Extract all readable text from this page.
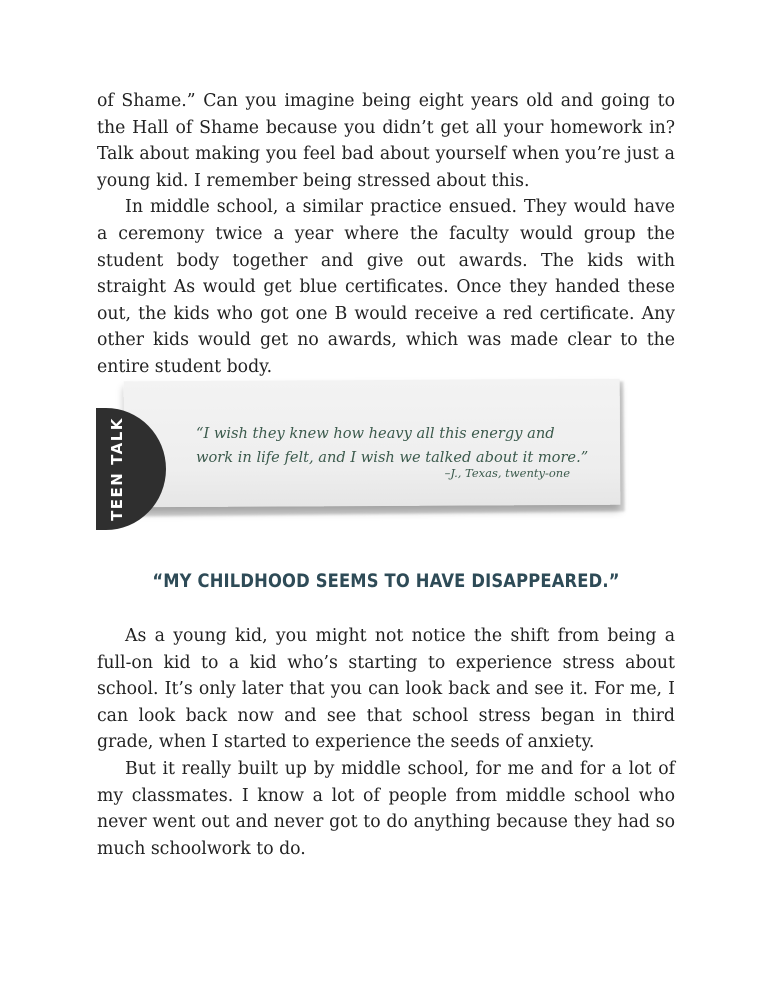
of Shame.” Can you imagine being eight years old and going to the Hall of Shame because you didn’t get all your homework in? Talk about making you feel bad about yourself when you’re just a young kid. I remember being stressed about this.

In middle school, a similar practice ensued. They would have a ceremony twice a year where the faculty would group the student body together and give out awards. The kids with straight As would get blue certificates. Once they handed these out, the kids who got one B would receive a red certificate. Any other kids would get no awards, which was made clear to the entire student body.

TEEN TALK	“I wish they knew how heavy all this energy and work in life felt, and I wish we talked about it more.”
–J., Texas, twenty-one
“MY CHILDHOOD SEEMS TO HAVE DISAPPEARED.”

As a young kid, you might not notice the shift from being a full-on kid to a kid who’s starting to experience stress about school. It’s only later that you can look back and see it. For me, I can look back now and see that school stress began in third grade, when I started to experience the seeds of anxiety.

But it really built up by middle school, for me and for a lot of my classmates. I know a lot of people from middle school who never went out and never got to do anything because they had so much schoolwork to do.
